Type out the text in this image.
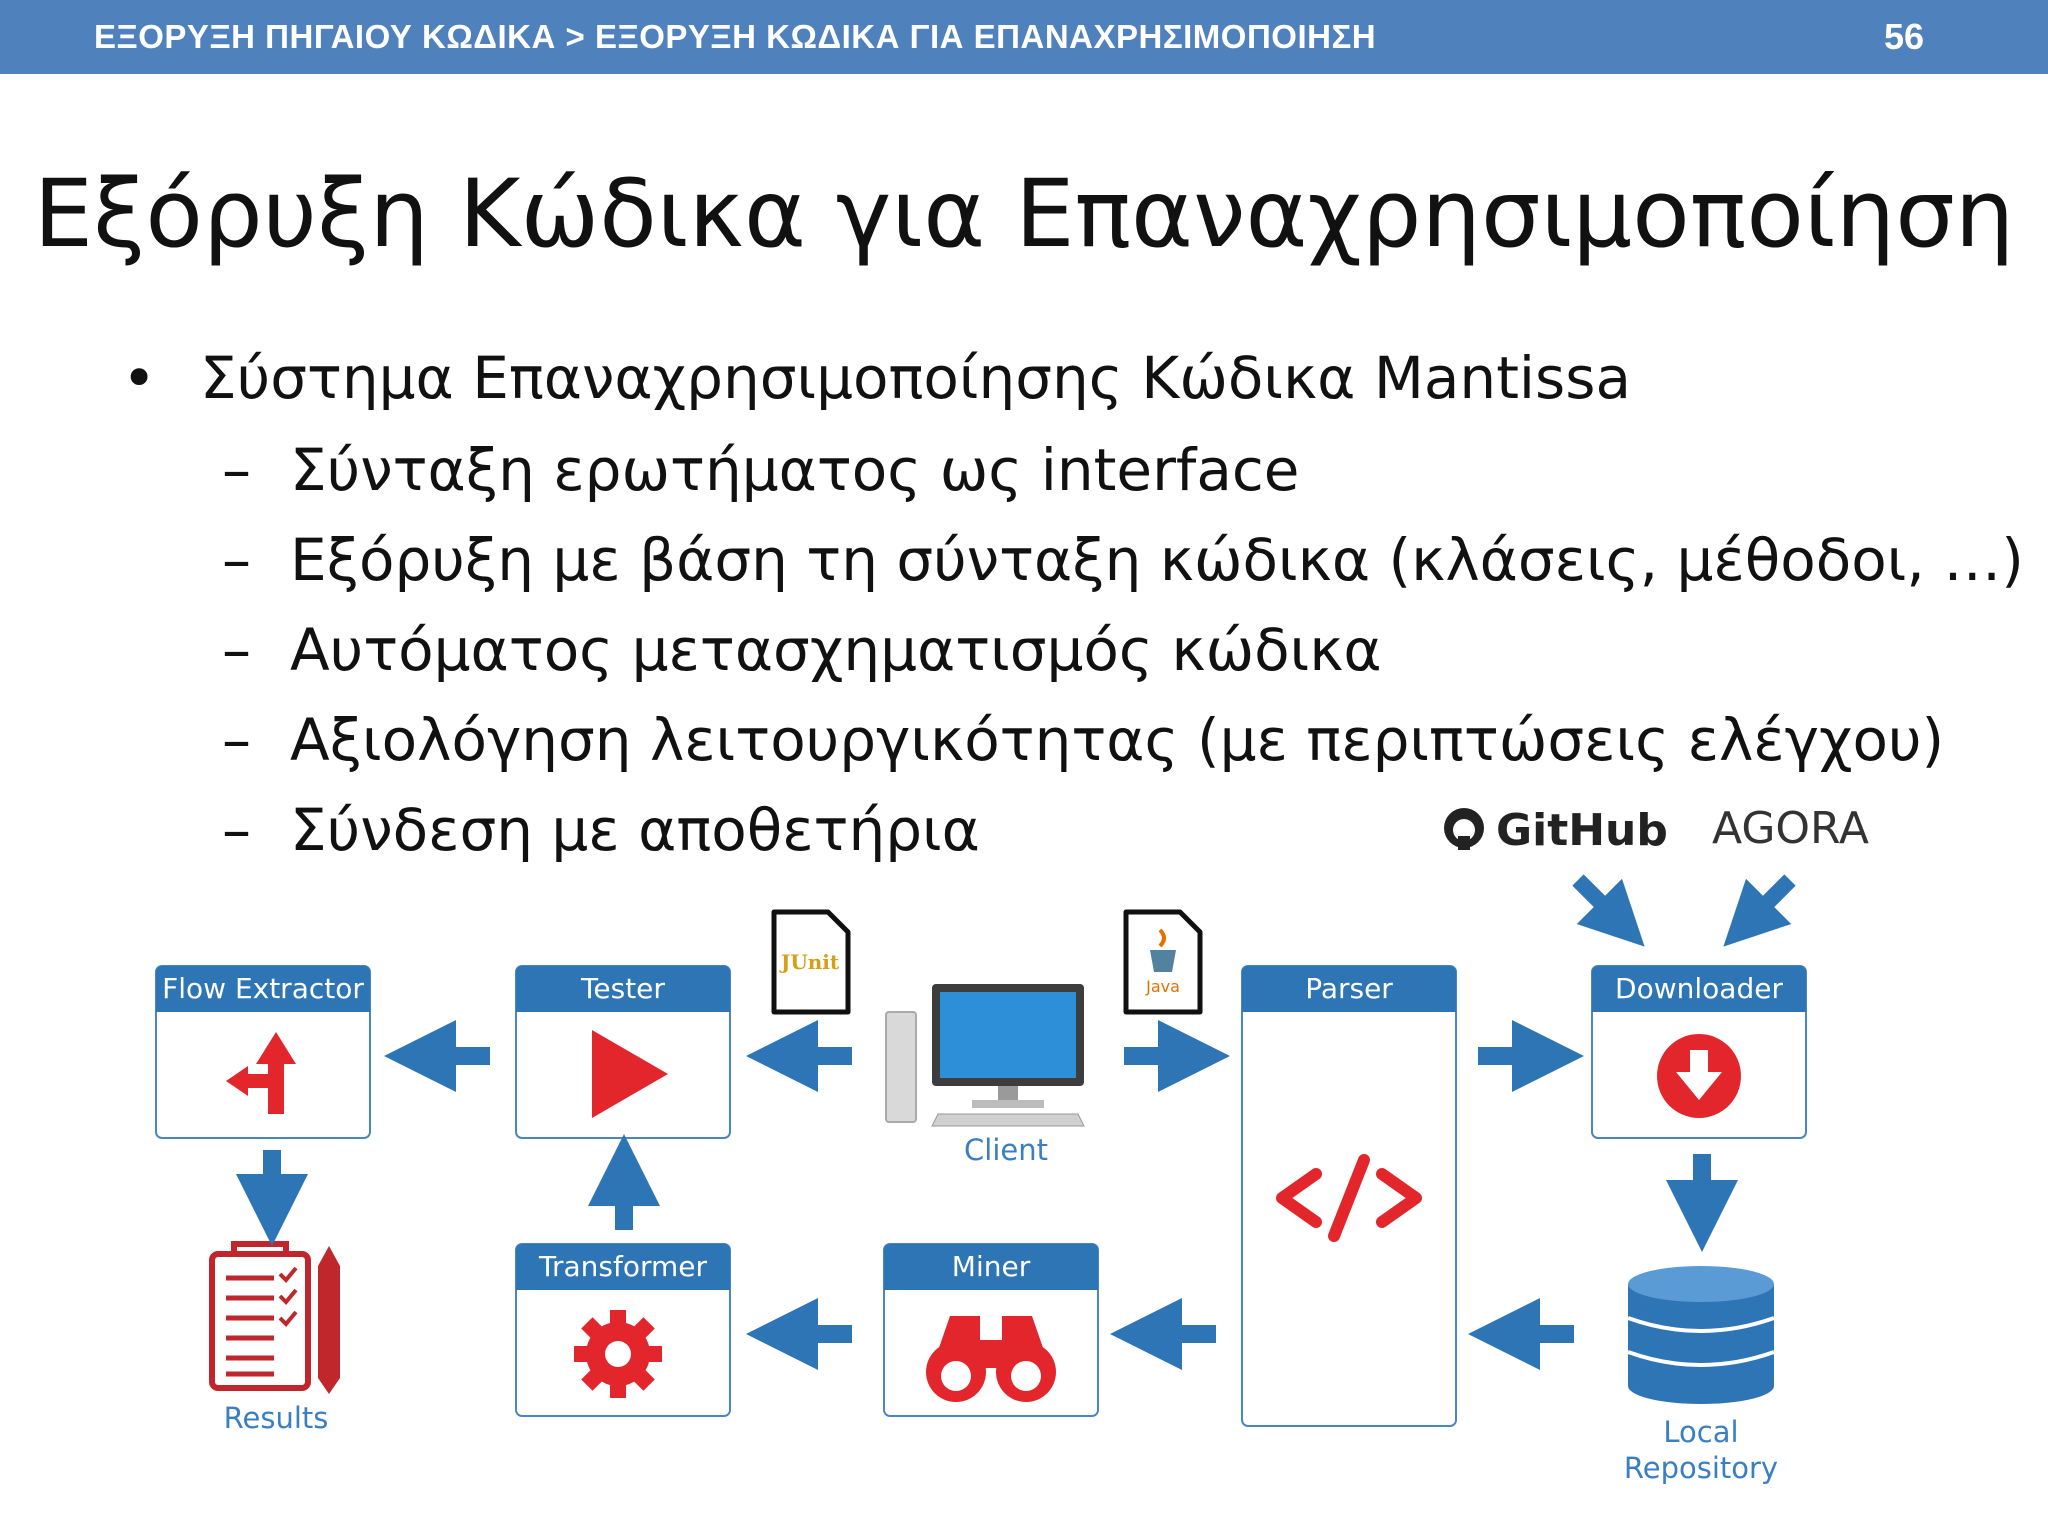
ΕΞΟΡΥΞΗ ΠΗΓΑΙΟΥ ΚΩΔΙΚΑ > ΕΞΟΡΥΞΗ ΚΩΔΙΚΑ ΓΙΑ ΕΠΑΝΑΧΡΗΣΙΜΟΠΟΙΗΣΗ	56
Εξόρυξη Κώδικα για Επαναχρησιμοποίηση
• Σύστημα Επαναχρησιμοποίησης Κώδικα Mantissa
– Σύνταξη ερωτήματος ως interface
– Εξόρυξη με βάση τη σύνταξη κώδικα (κλάσεις, μέθοδοι, …)
– Αυτόματος μετασχηματισμός κώδικα
– Αξιολόγηση λειτουργικότητας (με περιπτώσεις ελέγχου)
– Σύνδεση με αποθετήρια	GitHub AGORA
Flow Extractor	Tester	Parser	Downloader
Transformer	Miner
Results	Local
Repository
Client
JUnit
Java
